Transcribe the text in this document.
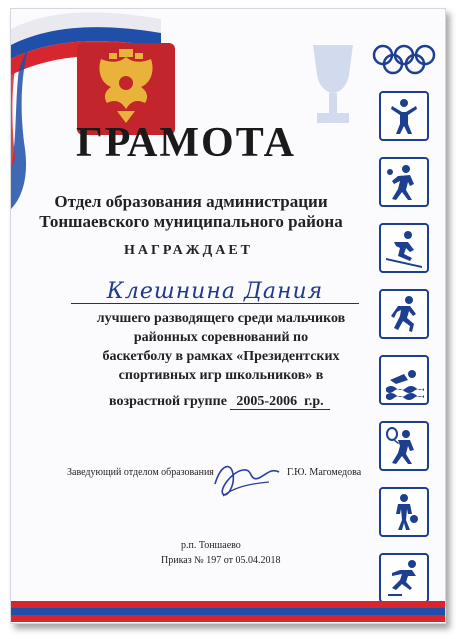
ГРАМОТА
Отдел образования администрации
Тоншаевского муниципального района
НАГРАЖДАЕТ
Клешнина Дания
лучшего разводящего среди мальчиков
районных соревнований по
баскетболу в рамках «Президентских
спортивных игр школьников» в
возрастной группе 2005-2006 г.р.
Заведующий отделом образования	Г.Ю. Магомедова
р.п. Тоншаево
Приказ № 197 от 05.04.2018
